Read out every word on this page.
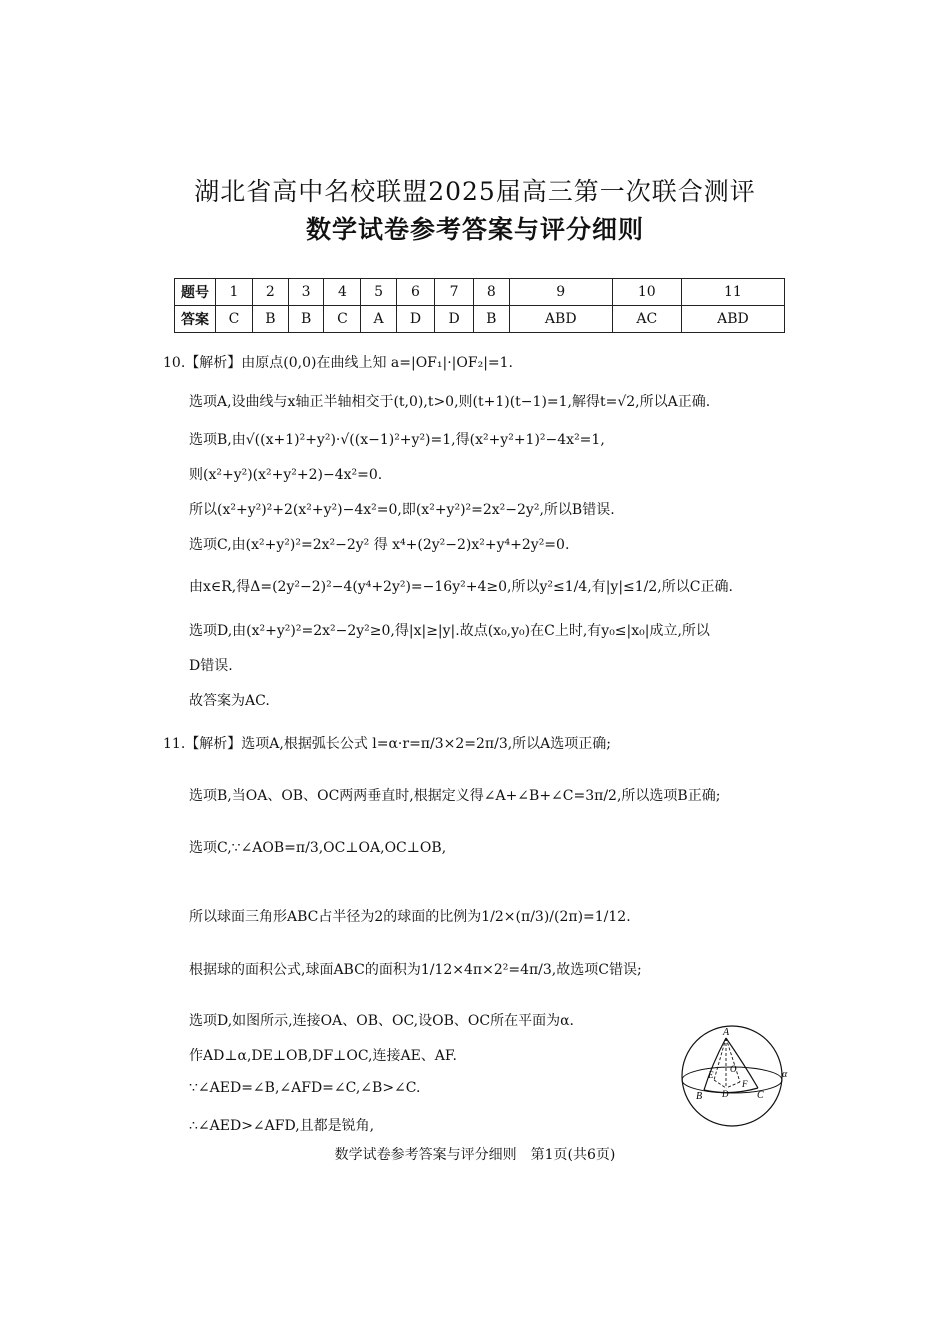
湖北省高中名校联盟2025届高三第一次联合测评
数学试卷参考答案与评分细则
题号	1	2	3	4	5	6	7	8	9	10	11
答案	C	B	B	C	A	D	D	B	ABD	AC	ABD
10.【解析】由原点(0,0)在曲线上知 a=|OF₁|·|OF₂|=1.
选项A,设曲线与x轴正半轴相交于(t,0),t>0,则(t+1)(t−1)=1,解得t=√2,所以A正确.
选项B,由√((x+1)²+y²)·√((x−1)²+y²)=1,得(x²+y²+1)²−4x²=1,
则(x²+y²)(x²+y²+2)−4x²=0.
所以(x²+y²)²+2(x²+y²)−4x²=0,即(x²+y²)²=2x²−2y²,所以B错误.
选项C,由(x²+y²)²=2x²−2y² 得 x⁴+(2y²−2)x²+y⁴+2y²=0.
由x∈R,得Δ=(2y²−2)²−4(y⁴+2y²)=−16y²+4≥0,所以y²≤1/4,有|y|≤1/2,所以C正确.
选项D,由(x²+y²)²=2x²−2y²≥0,得|x|≥|y|.故点(x₀,y₀)在C上时,有y₀≤|x₀|成立,所以
D错误.
故答案为AC.
11.【解析】选项A,根据弧长公式 l=α·r=π/3×2=2π/3,所以A选项正确;
选项B,当OA、OB、OC两两垂直时,根据定义得∠A+∠B+∠C=3π/2,所以选项B正确;
选项C,∵∠AOB=π/3,OC⊥OA,OC⊥OB,
所以球面三角形ABC占半径为2的球面的比例为1/2×(π/3)/(2π)=1/12.
根据球的面积公式,球面ABC的面积为1/12×4π×2²=4π/3,故选项C错误;
选项D,如图所示,连接OA、OB、OC,设OB、OC所在平面为α.
作AD⊥α,DE⊥OB,DF⊥OC,连接AE、AF.
∵∠AED=∠B,∠AFD=∠C,∠B>∠C.
∴∠AED>∠AFD,且都是锐角,
A
B	C
D
E
F
O	α
数学试卷参考答案与评分细则　第1页(共6页)
